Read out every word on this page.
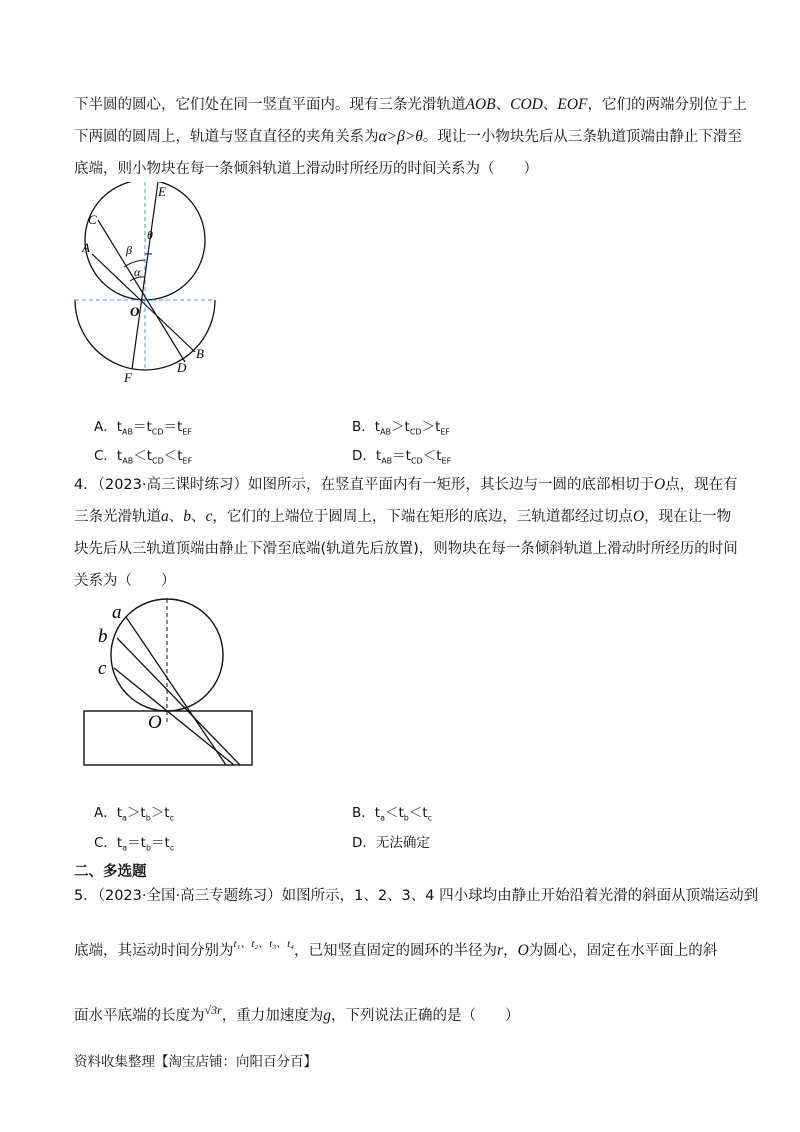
下半圆的圆心，它们处在同一竖直平面内。现有三条光滑轨道AOB、COD、EOF，它们的两端分别位于上
下两圆的圆周上，轨道与竖直直径的夹角关系为α>β>θ。现让一小物块先后从三条轨道顶端由静止下滑至
底端，则小物块在每一条倾斜轨道上滑动时所经历的时间关系为（　　）
E
C
A
θ
β
α
O
B
D
F
A．$t_{AB}=t_{CD}=t_{EF}$	B．$t_{AB}>t_{CD}>t_{EF}$
C．$t_{AB}<t_{CD}<t_{EF}$	D．$t_{AB}=t_{CD}<t_{EF}$
4．（2023·高三课时练习）如图所示，在竖直平面内有一矩形，其长边与一圆的底部相切于O点，现在有
三条光滑轨道a、b、c，它们的上端位于圆周上，下端在矩形的底边，三轨道都经过切点O，现在让一物
块先后从三轨道顶端由静止下滑至底端(轨道先后放置)，则物块在每一条倾斜轨道上滑动时所经历的时间
关系为（　　）
a
b
c
O
A．$t_a>t_b>t_c$	B．$t_a<t_b<t_c$
C．$t_a=t_b=t_c$	D．无法确定
二、多选题
5．（2023·全国·高三专题练习）如图所示，1、2、3、4 四小球均由静止开始沿着光滑的斜面从顶端运动到
底端，其运动时间分别为$^{t_1、t_2、t_3、t_4}$，已知竖直固定的圆环的半径为r，O为圆心，固定在水平面上的斜
面水平底端的长度为$^{√3r}$，重力加速度为g，下列说法正确的是（　　）
资料收集整理【淘宝店铺：向阳百分百】
